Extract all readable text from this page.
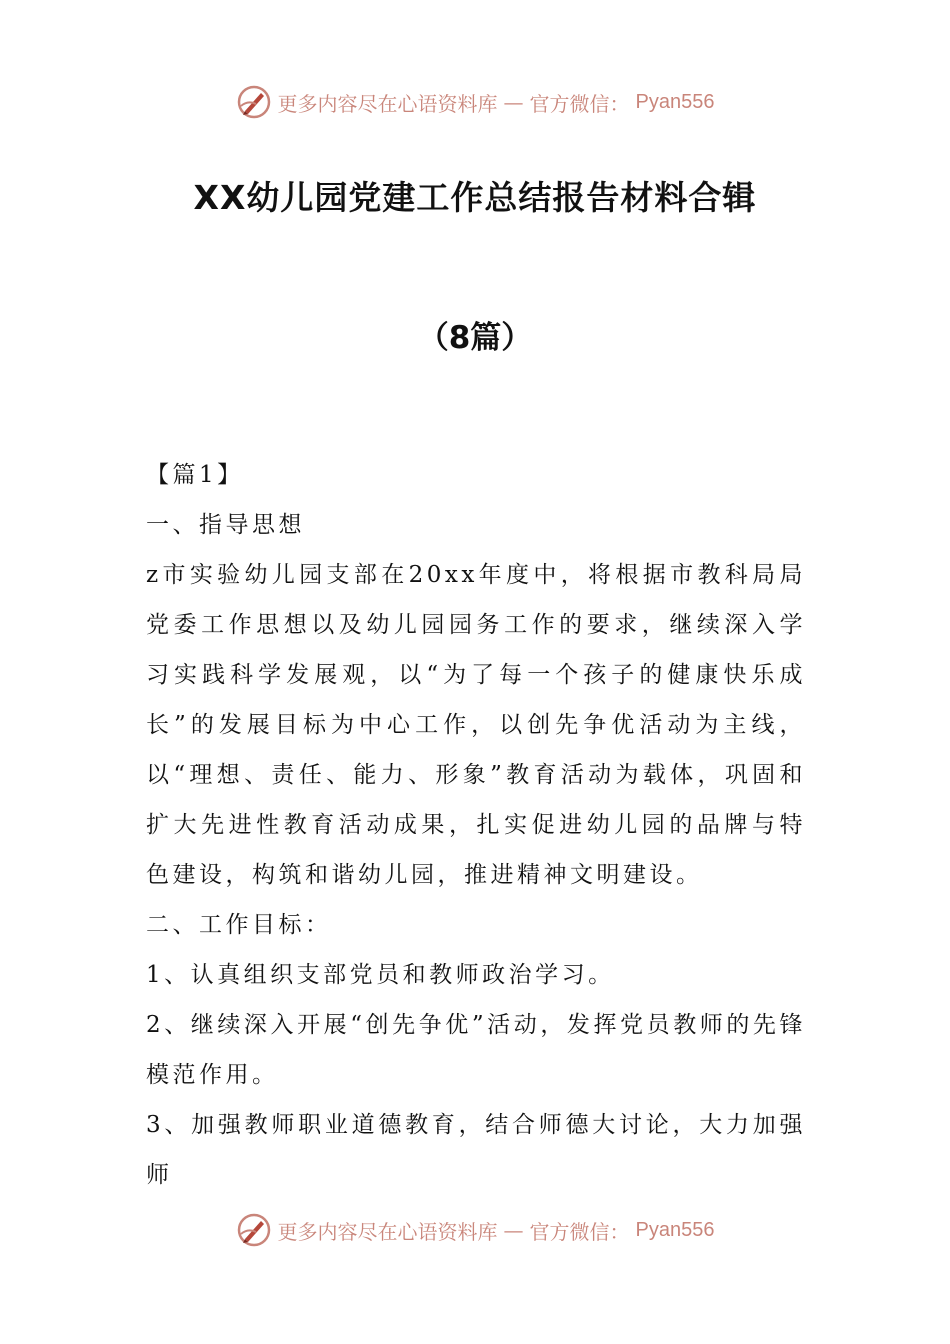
更多内容尽在心语资料库 — 官方微信： Pyan556
XX幼儿园党建工作总结报告材料合辑
（8篇）

【篇1】

一、指导思想

z市实验幼儿园支部在20xx年度中，将根据市教科局局党委工作思想以及幼儿园园务工作的要求，继续深入学习实践科学发展观，以“为了每一个孩子的健康快乐成长”的发展目标为中心工作，以创先争优活动为主线，以“理想、责任、能力、形象”教育活动为载体，巩固和扩大先进性教育活动成果，扎实促进幼儿园的品牌与特色建设，构筑和谐幼儿园，推进精神文明建设。

二、工作目标：

1、认真组织支部党员和教师政治学习。

2、继续深入开展“创先争优”活动，发挥党员教师的先锋模范作用。

3、加强教师职业道德教育，结合师德大讨论，大力加强师

更多内容尽在心语资料库 — 官方微信： Pyan556
